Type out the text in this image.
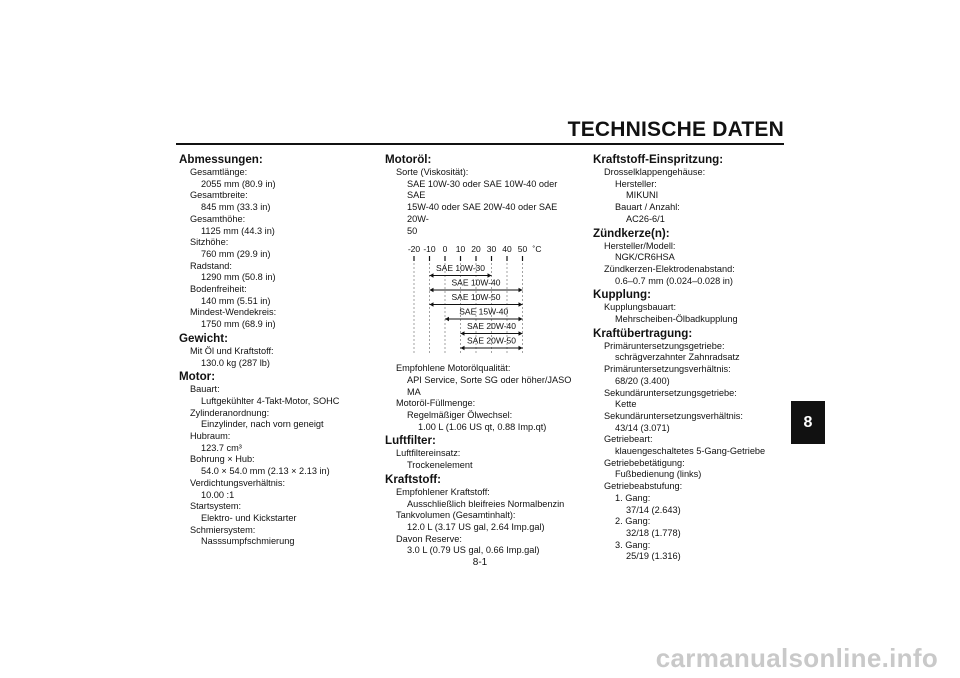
TECHNISCHE DATEN
8
Abmessungen:
Gesamtlänge:
2055 mm (80.9 in)
Gesamtbreite:
845 mm (33.3 in)
Gesamthöhe:
1125 mm (44.3 in)
Sitzhöhe:
760 mm (29.9 in)
Radstand:
1290 mm (50.8 in)
Bodenfreiheit:
140 mm (5.51 in)
Mindest-Wendekreis:
1750 mm (68.9 in)
Gewicht:
Mit Öl und Kraftstoff:
130.0 kg (287 lb)
Motor:
Bauart:
Luftgekühlter 4-Takt-Motor, SOHC
Zylinderanordnung:
Einzylinder, nach vorn geneigt
Hubraum:
123.7 cm³
Bohrung × Hub:
54.0 × 54.0 mm (2.13 × 2.13 in)
Verdichtungsverhältnis:
10.00 :1
Startsystem:
Elektro- und Kickstarter
Schmiersystem:
Nasssumpfschmierung
Motoröl:
Sorte (Viskosität):
SAE 10W-30 oder SAE 10W-40 oder SAE
15W-40 oder SAE 20W-40 oder SAE 20W-
50
-20 -10 0 10 20 30 40 50 ˚C
SAE 10W-30
SAE 10W-40
SAE 10W-50
SAE 15W-40
SAE 20W-40
SAE 20W-50
Empfohlene Motorölqualität:
API Service, Sorte SG oder höher/JASO
MA
Motoröl-Füllmenge:
Regelmäßiger Ölwechsel:
1.00 L (1.06 US qt, 0.88 Imp.qt)
Luftfilter:
Luftfiltereinsatz:
Trockenelement
Kraftstoff:
Empfohlener Kraftstoff:
Ausschließlich bleifreies Normalbenzin
Tankvolumen (Gesamtinhalt):
12.0 L (3.17 US gal, 2.64 Imp.gal)
Davon Reserve:
3.0 L (0.79 US gal, 0.66 Imp.gal)
Kraftstoff-Einspritzung:
Drosselklappengehäuse:
Hersteller:
MIKUNI
Bauart / Anzahl:
AC26-6/1
Zündkerze(n):
Hersteller/Modell:
NGK/CR6HSA
Zündkerzen-Elektrodenabstand:
0.6–0.7 mm (0.024–0.028 in)
Kupplung:
Kupplungsbauart:
Mehrscheiben-Ölbadkupplung
Kraftübertragung:
Primäruntersetzungsgetriebe:
schrägverzahnter Zahnradsatz
Primäruntersetzungsverhältnis:
68/20 (3.400)
Sekundäruntersetzungsgetriebe:
Kette
Sekundäruntersetzungsverhältnis:
43/14 (3.071)
Getriebeart:
klauengeschaltetes 5-Gang-Getriebe
Getriebebetätigung:
Fußbedienung (links)
Getriebeabstufung:
1. Gang:
37/14 (2.643)
2. Gang:
32/18 (1.778)
3. Gang:
25/19 (1.316)
8-1
carmanualsonline.info
